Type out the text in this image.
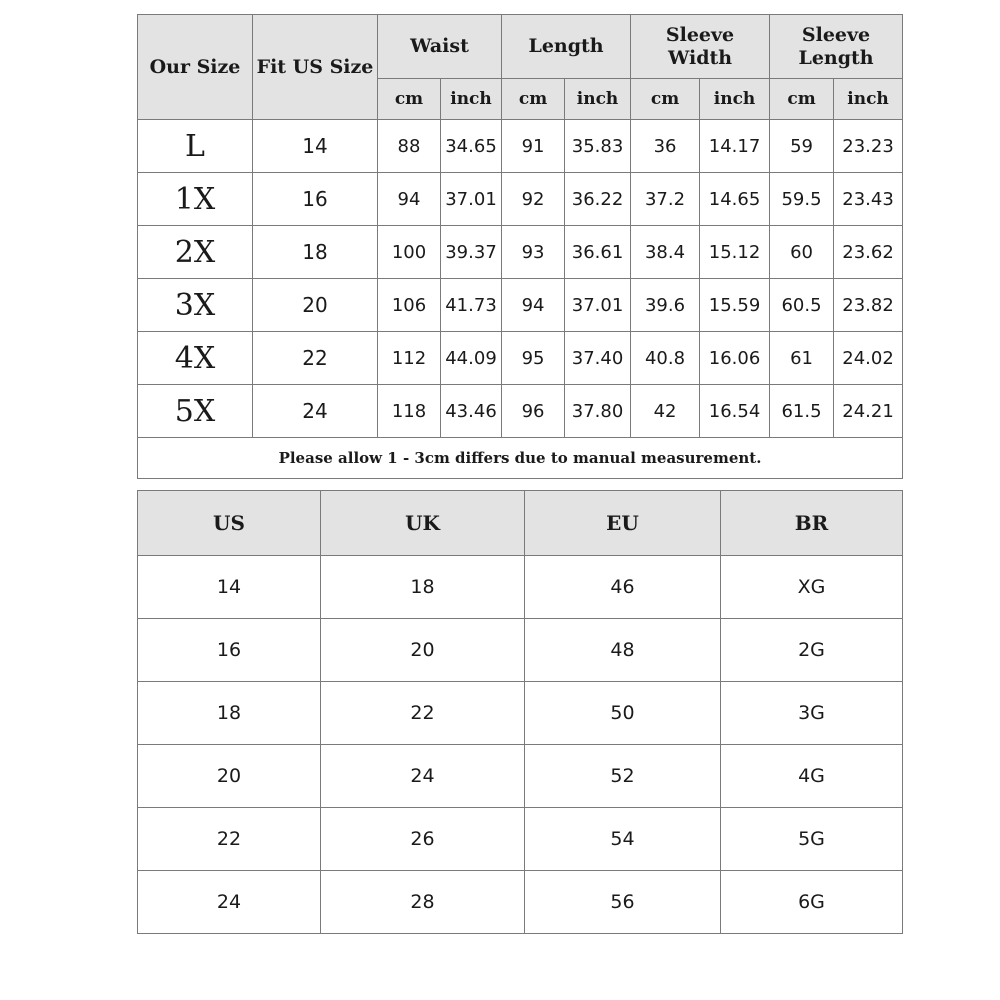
Our Size	Fit US Size	Waist		Length		Sleeve Width		Sleeve Length	
		cm	inch	cm	inch	cm	inch	cm	inch
L	14	88	34.65	91	35.83	36	14.17	59	23.23
1X	16	94	37.01	92	36.22	37.2	14.65	59.5	23.43
2X	18	100	39.37	93	36.61	38.4	15.12	60	23.62
3X	20	106	41.73	94	37.01	39.6	15.59	60.5	23.82
4X	22	112	44.09	95	37.40	40.8	16.06	61	24.02
5X	24	118	43.46	96	37.80	42	16.54	61.5	24.21
Please allow 1 - 3cm differs due to manual measurement.									
US	UK	EU	BR
14	18	46	XG
16	20	48	2G
18	22	50	3G
20	24	52	4G
22	26	54	5G
24	28	56	6G
